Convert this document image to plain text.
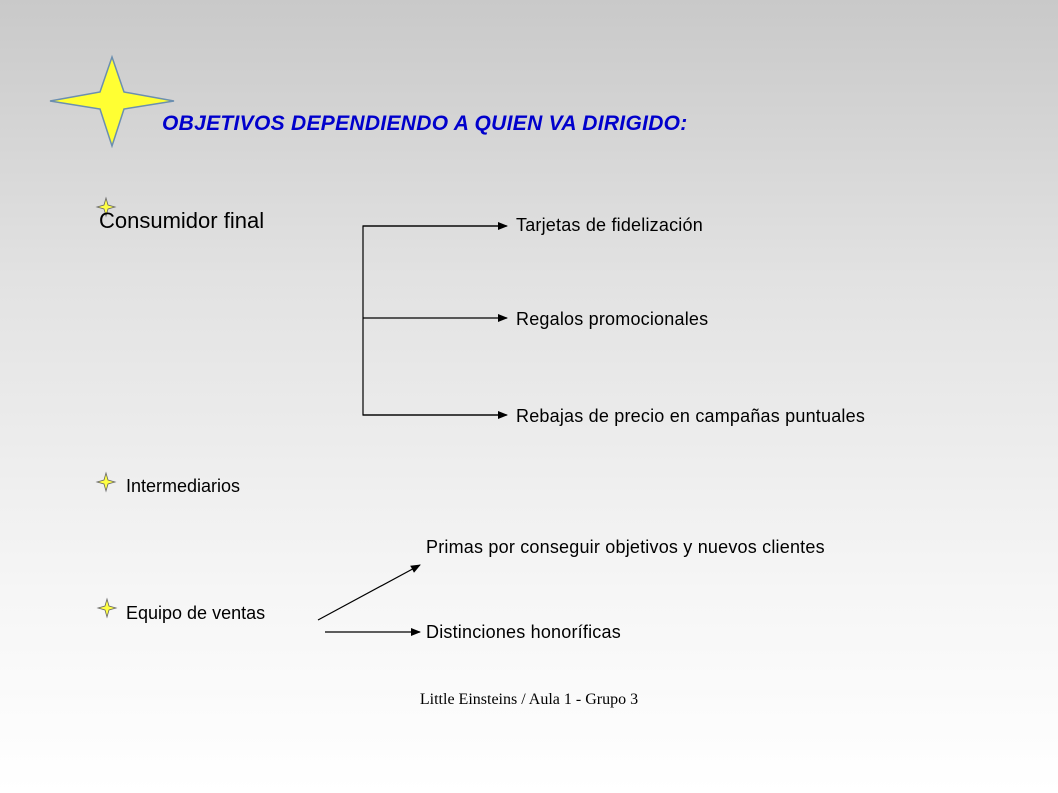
OBJETIVOS DEPENDIENDO A QUIEN VA DIRIGIDO:
Consumidor final	Tarjetas de fidelización
Regalos promocionales
Rebajas de precio en campañas puntuales
Intermediarios
Equipo de ventas
Primas por conseguir objetivos y nuevos clientes
Distinciones honoríficas
Little Einsteins / Aula 1 - Grupo 3
